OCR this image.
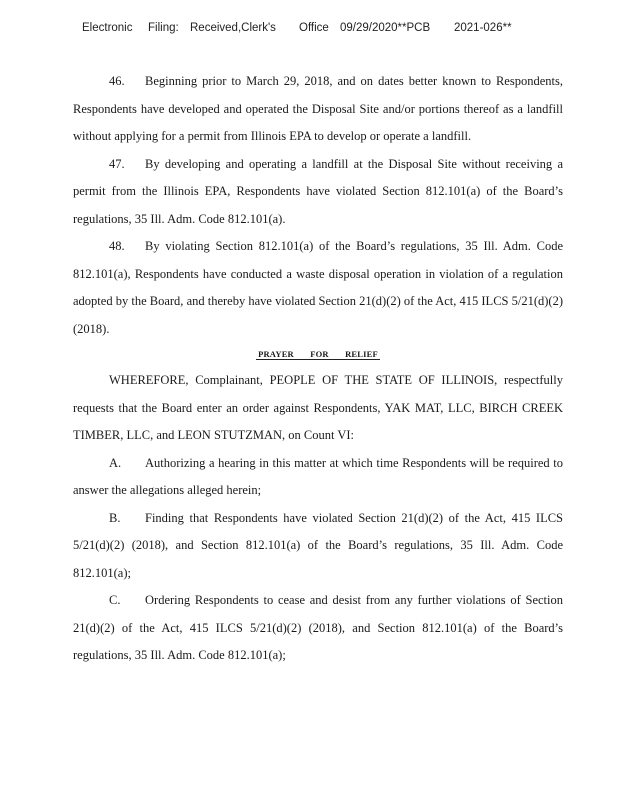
Electronic Filing: Received,Clerk's Office 09/29/2020**PCB 2021-026**

46. Beginning prior to March 29, 2018, and on dates better known to Respondents, Respondents have developed and operated the Disposal Site and/or portions thereof as a landfill without applying for a permit from Illinois EPA to develop or operate a landfill.

47. By developing and operating a landfill at the Disposal Site without receiving a permit from the Illinois EPA, Respondents have violated Section 812.101(a) of the Board’s regulations, 35 Ill. Adm. Code 812.101(a).

48. By violating Section 812.101(a) of the Board’s regulations, 35 Ill. Adm. Code 812.101(a), Respondents have conducted a waste disposal operation in violation of a regulation adopted by the Board, and thereby have violated Section 21(d)(2) of the Act, 415 ILCS 5/21(d)(2) (2018).

PRAYER FOR RELIEF

WHEREFORE, Complainant, PEOPLE OF THE STATE OF ILLINOIS, respectfully requests that the Board enter an order against Respondents, YAK MAT, LLC, BIRCH CREEK TIMBER, LLC, and LEON STUTZMAN, on Count VI:

A. Authorizing a hearing in this matter at which time Respondents will be required to answer the allegations alleged herein;

B. Finding that Respondents have violated Section 21(d)(2) of the Act, 415 ILCS 5/21(d)(2) (2018), and Section 812.101(a) of the Board’s regulations, 35 Ill. Adm. Code 812.101(a);

C. Ordering Respondents to cease and desist from any further violations of Section 21(d)(2) of the Act, 415 ILCS 5/21(d)(2) (2018), and Section 812.101(a) of the Board’s regulations, 35 Ill. Adm. Code 812.101(a);
